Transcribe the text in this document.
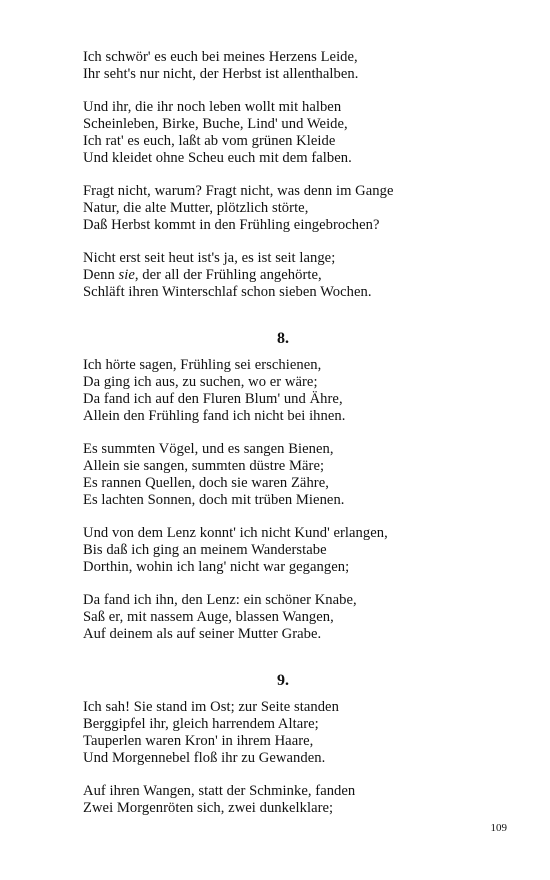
Ich schwör' es euch bei meines Herzens Leide,
Ihr seht's nur nicht, der Herbst ist allenthalben.
Und ihr, die ihr noch leben wollt mit halben
Scheinleben, Birke, Buche, Lind' und Weide,
Ich rat' es euch, laßt ab vom grünen Kleide
Und kleidet ohne Scheu euch mit dem falben.
Fragt nicht, warum? Fragt nicht, was denn im Gange
Natur, die alte Mutter, plötzlich störte,
Daß Herbst kommt in den Frühling eingebrochen?
Nicht erst seit heut ist's ja, es ist seit lange;
Denn sie, der all der Frühling angehörte,
Schläft ihren Winterschlaf schon sieben Wochen.
8.
Ich hörte sagen, Frühling sei erschienen,
Da ging ich aus, zu suchen, wo er wäre;
Da fand ich auf den Fluren Blum' und Ähre,
Allein den Frühling fand ich nicht bei ihnen.
Es summten Vögel, und es sangen Bienen,
Allein sie sangen, summten düstre Märe;
Es rannen Quellen, doch sie waren Zähre,
Es lachten Sonnen, doch mit trüben Mienen.
Und von dem Lenz konnt' ich nicht Kund' erlangen,
Bis daß ich ging an meinem Wanderstabe
Dorthin, wohin ich lang' nicht war gegangen;
Da fand ich ihn, den Lenz: ein schöner Knabe,
Saß er, mit nassem Auge, blassen Wangen,
Auf deinem als auf seiner Mutter Grabe.
9.
Ich sah! Sie stand im Ost; zur Seite standen
Berggipfel ihr, gleich harrendem Altare;
Tauperlen waren Kron' in ihrem Haare,
Und Morgennebel floß ihr zu Gewanden.
Auf ihren Wangen, statt der Schminke, fanden
Zwei Morgenröten sich, zwei dunkelklare;
109
